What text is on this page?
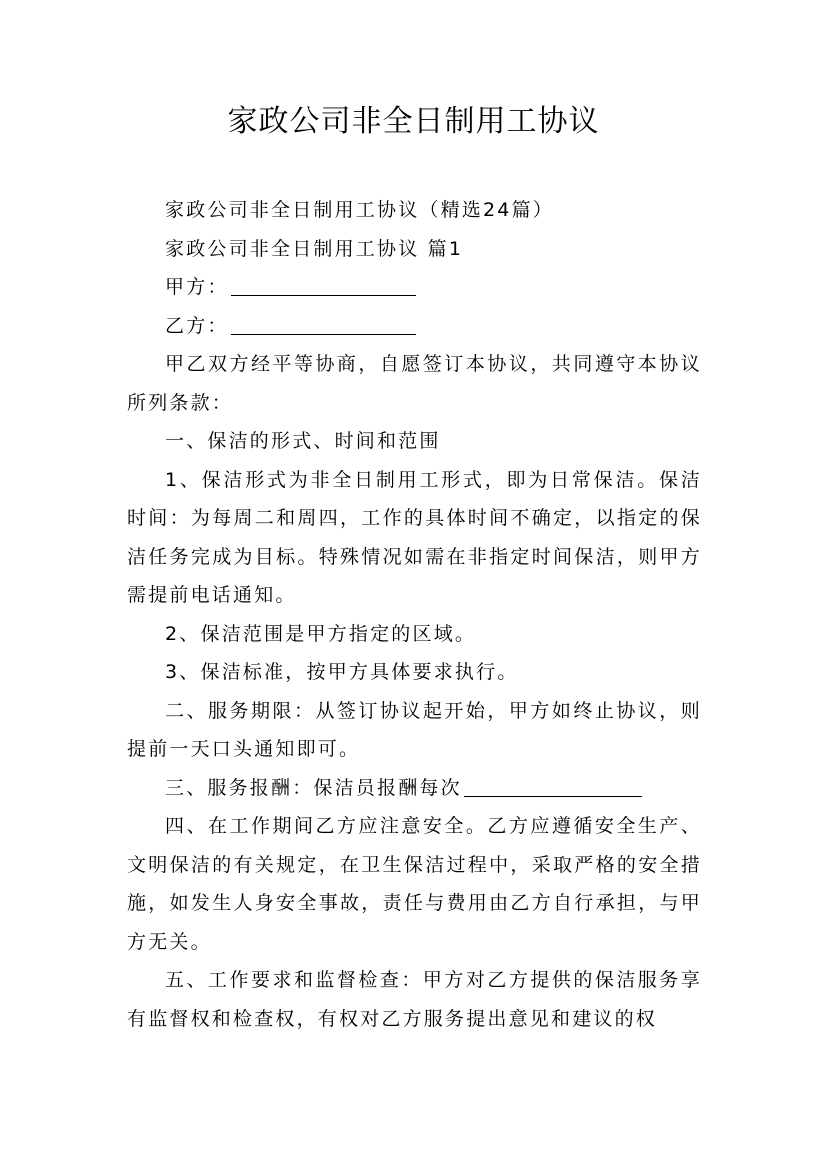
家政公司非全日制用工协议

家政公司非全日制用工协议（精选24篇）

家政公司非全日制用工协议 篇1

甲方：

乙方：

甲乙双方经平等协商，自愿签订本协议，共同遵守本协议所列条款：

一、保洁的形式、时间和范围

1、保洁形式为非全日制用工形式，即为日常保洁。保洁时间：为每周二和周四，工作的具体时间不确定，以指定的保洁任务完成为目标。特殊情况如需在非指定时间保洁，则甲方需提前电话通知。

2、保洁范围是甲方指定的区域。

3、保洁标准，按甲方具体要求执行。

二、服务期限：从签订协议起开始，甲方如终止协议，则提前一天口头通知即可。

三、服务报酬：保洁员报酬每次

四、在工作期间乙方应注意安全。乙方应遵循安全生产、文明保洁的有关规定，在卫生保洁过程中，采取严格的安全措施，如发生人身安全事故，责任与费用由乙方自行承担，与甲方无关。

五、工作要求和监督检查：甲方对乙方提供的保洁服务享有监督权和检查权，有权对乙方服务提出意见和建议的权
